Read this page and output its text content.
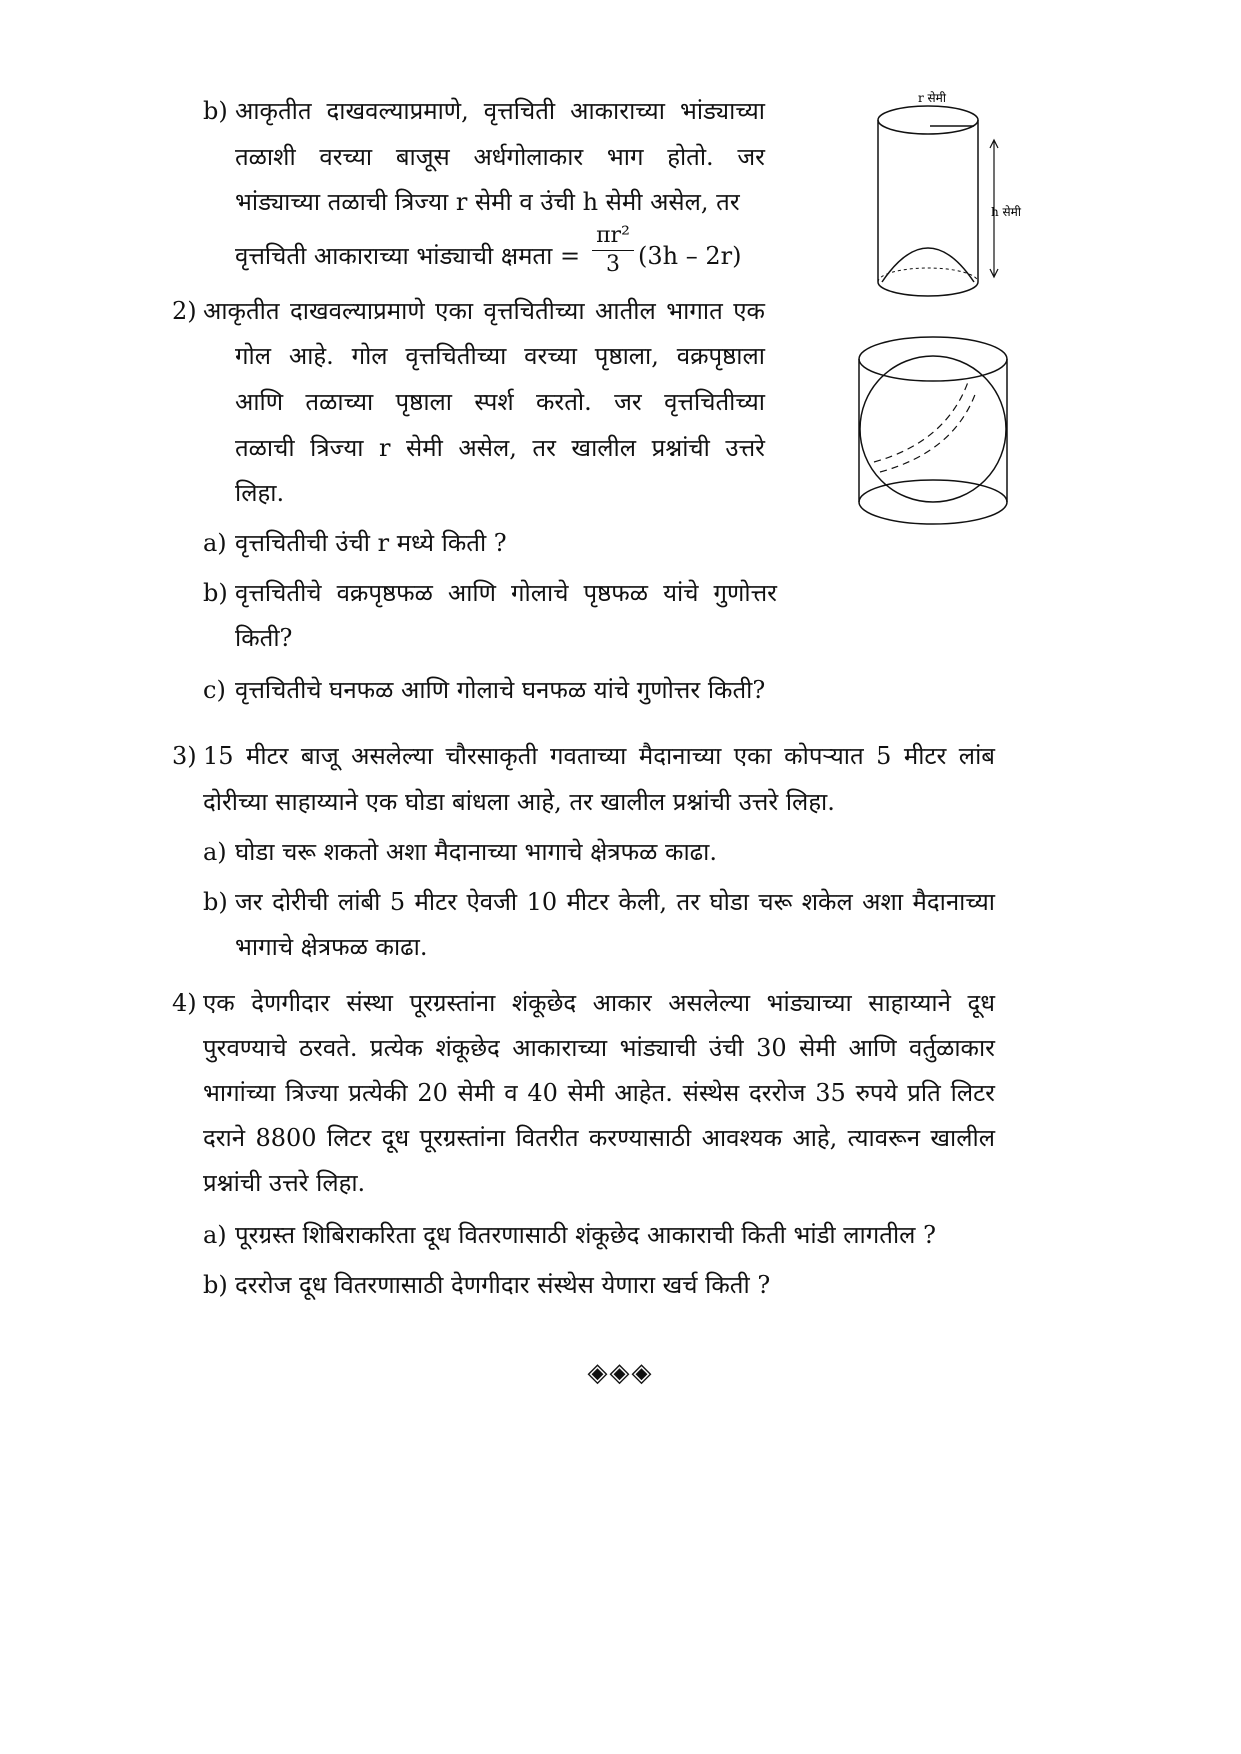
b) आकृतीत दाखवल्याप्रमाणे, वृत्तचिती आकाराच्या भांड्याच्या
तळाशी वरच्या बाजूस अर्धगोलाकार भाग होतो. जर
भांड्याच्या तळाची त्रिज्या r सेमी व उंची h सेमी असेल, तर
वृत्तचिती आकाराच्या भांड्याची क्षमता =
πr²
3 (3h – 2r)
r सेमी
h सेमी
2) आकृतीत दाखवल्याप्रमाणे एका वृत्तचितीच्या आतील भागात एक
गोल आहे. गोल वृत्तचितीच्या वरच्या पृष्ठाला, वक्रपृष्ठाला
आणि तळाच्या पृष्ठाला स्पर्श करतो. जर वृत्तचितीच्या
तळाची त्रिज्या r सेमी असेल, तर खालील प्रश्नांची उत्तरे
लिहा.
a) वृत्तचितीची उंची r मध्ये किती ?
b) वृत्तचितीचे वक्रपृष्ठफळ आणि गोलाचे पृष्ठफळ यांचे गुणोत्तर
किती?
c) वृत्तचितीचे घनफळ आणि गोलाचे घनफळ यांचे गुणोत्तर किती?
3) 15 मीटर बाजू असलेल्या चौरसाकृती गवताच्या मैदानाच्या एका कोपऱ्यात 5 मीटर लांब
दोरीच्या साहाय्याने एक घोडा बांधला आहे, तर खालील प्रश्नांची उत्तरे लिहा.
a) घोडा चरू शकतो अशा मैदानाच्या भागाचे क्षेत्रफळ काढा.
b) जर दोरीची लांबी 5 मीटर ऐवजी 10 मीटर केली, तर घोडा चरू शकेल अशा मैदानाच्या
भागाचे क्षेत्रफळ काढा.
4) एक देणगीदार संस्था पूरग्रस्तांना शंकूछेद आकार असलेल्या भांड्याच्या साहाय्याने दूध
पुरवण्याचे ठरवते. प्रत्येक शंकूछेद आकाराच्या भांड्याची उंची 30 सेमी आणि वर्तुळाकार
भागांच्या त्रिज्या प्रत्येकी 20 सेमी व 40 सेमी आहेत. संस्थेस दररोज 35 रुपये प्रति लिटर
दराने 8800 लिटर दूध पूरग्रस्तांना वितरीत करण्यासाठी आवश्यक आहे, त्यावरून खालील
प्रश्नांची उत्तरे लिहा.
a) पूरग्रस्त शिबिराकरिता दूध वितरणासाठी शंकूछेद आकाराची किती भांडी लागतील ?
b) दररोज दूध वितरणासाठी देणगीदार संस्थेस येणारा खर्च किती ?
◈◈◈
